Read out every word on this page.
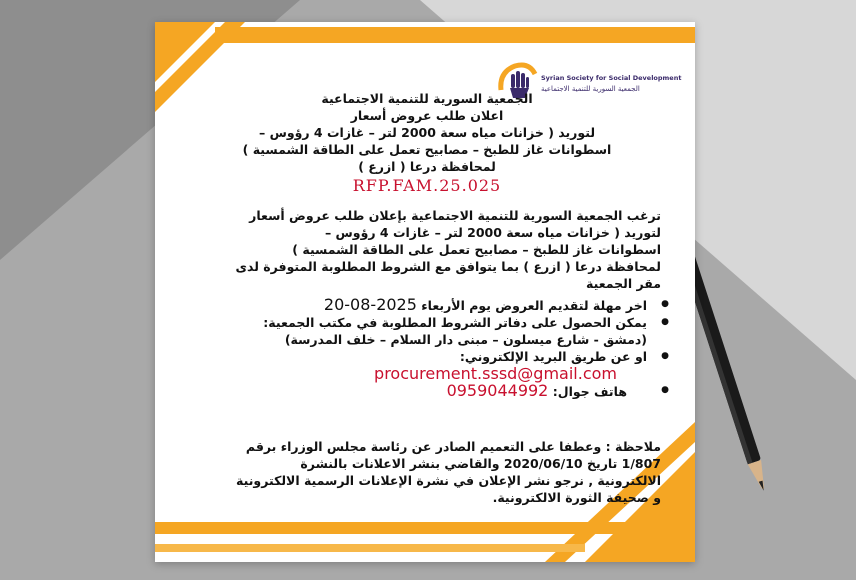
Syrian Society for Social Development
الجمعية السورية للتنمية الاجتماعية
الجمعية السورية للتنمية الاجتماعية
اعلان طلب عروض أسعار
لتوريد ( خزانات مياه سعة 2000 لتر – غازات 4 رؤوس –
اسطوانات غاز للطبخ – مصابيح تعمل على الطاقة الشمسية )
لمحافظة درعا ( ازرع )
RFP.FAM.25.025
ترغب الجمعية السورية للتنمية الاجتماعية بإعلان طلب عروض أسعار
لتوريد ( خزانات مياه سعة 2000 لتر – غازات 4 رؤوس –
اسطوانات غاز للطبخ – مصابيح تعمل على الطاقة الشمسية )
لمحافظة درعا ( ازرع ) بما يتوافق مع الشروط المطلوبة المتوفرة لدى
مقر الجمعية
● اخر مهلة لتقديم العروض يوم الأربعاء 2025-08-20
● يمكن الحصول على دفاتر الشروط المطلوبة في مكتب الجمعية:
(دمشق - شارع ميسلون – مبنى دار السلام – خلف المدرسة)
● او عن طريق البريد الإلكتروني:
procurement.sssd@gmail.com
● هاتف جوال: 0959044992
ملاحظة : وعطفا على التعميم الصادر عن رئاسة مجلس الوزراء برقم
1/807 تاريخ 2020/06/10 والقاضي بنشر الاعلانات بالنشرة
الالكترونية , نرجو نشر الإعلان في نشرة الإعلانات الرسمية الالكترونية
و صحيفة الثورة الالكترونية.
